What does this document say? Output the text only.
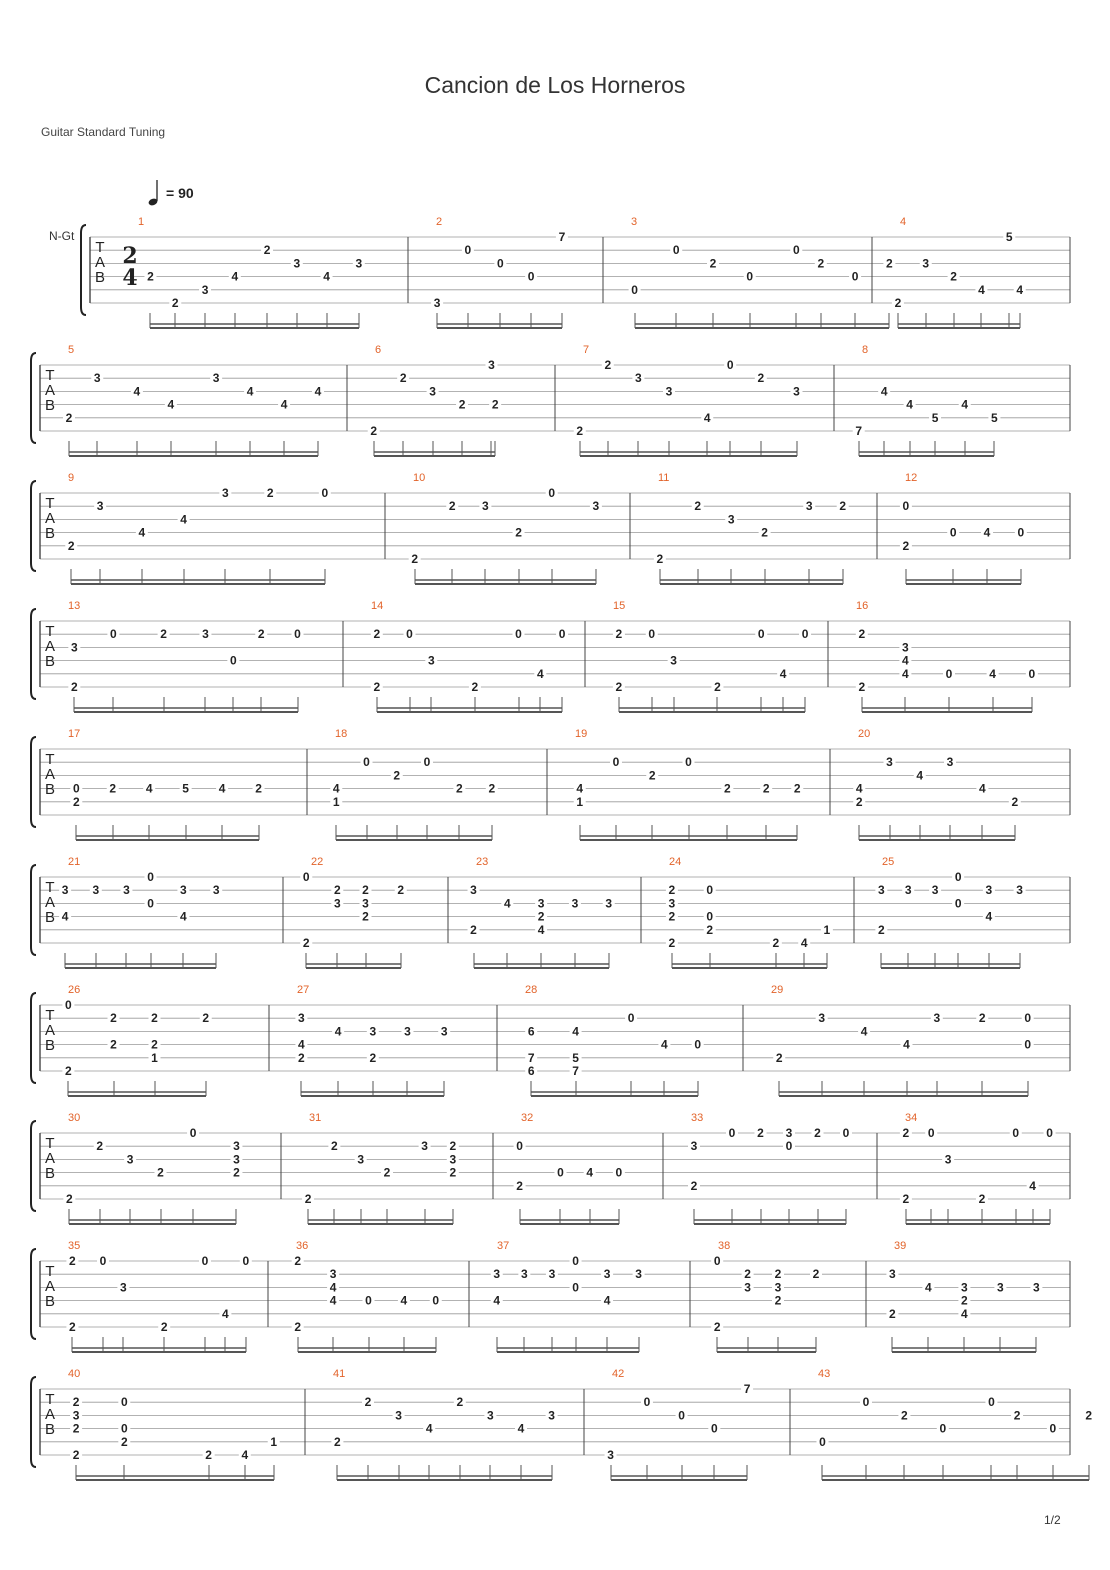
Cancion de Los Horneros
Guitar Standard Tuning
= 90
1/2
T
A
B
N-Gt
2
4
1
2
2
3
4
2
3
4
3
2
3
0
0
0
7
3
0
0
2
0
0
2
0
2
4
2
3
2
4
5
4
T
A
B
5
2
3
4
4
3
4
4
4
6
2
2
3
2
3
2
7
2
2
3
3
4
0
2
3
8
7
4
4
5
4
5
T
A
B
9
2
3
4
4
3	2	0
10
2
2 3
2
0
3
11
2
2
3
2
3 2
12
0
2
0 4 0
T
A
B
13
3
2
0	2	3
0
2 0
14
2
2
0
3
2
0
4
0
15
2
2
0
3
2
0
4
0
16
2
2
3
4
4	0	4	0
T
A
B
17
0
2
2 4 5 4 2
18
4
1
0
2
0
2 2
19
4
1
0
2
0
2	2 2
20
4
2
3
4
3
4
2
T
A
B
21
3
4
3 3
0
0
3
4
3
22
0
2
2
3
2
3
2
2
23
3
2
4 3
2
4
3 3
24
2
3
2
2
0
0
2
2 4
1
25
3
2
3 3
0
0
3
4
3
T
A
B
26
0
2
2
2
2
2
1
2
27
3
4
2
4 3
2
3	3
28
6
7
6
4
5
7
0
4 0
29
2
3
4
4
3	2	0
0
T
A
B
30
2
2
3
2
0
3
3
2
31
2
2
3
2
3 2
3
2
32
0
2
0 4 0
33
3
2
0 2 3
0
2 0
34
2
2
0
3
2
0
4
0
T
A
B
35
2
2
0
3
2
0
4
0
36
2
2
3
4
4 0 4 0
37
3
4
3 3
0
0
3
4
3
38
0
2
2
3
2
3
2
2
39
3
2
4 3
2
4
3 3
T
A
B
40
2
3
2
2
0
0
2
2 4
1
41
2
2
3
4
2
3
4
3
42
3
0
0
0
7
43
0
0
2
0
0
2
0
2
